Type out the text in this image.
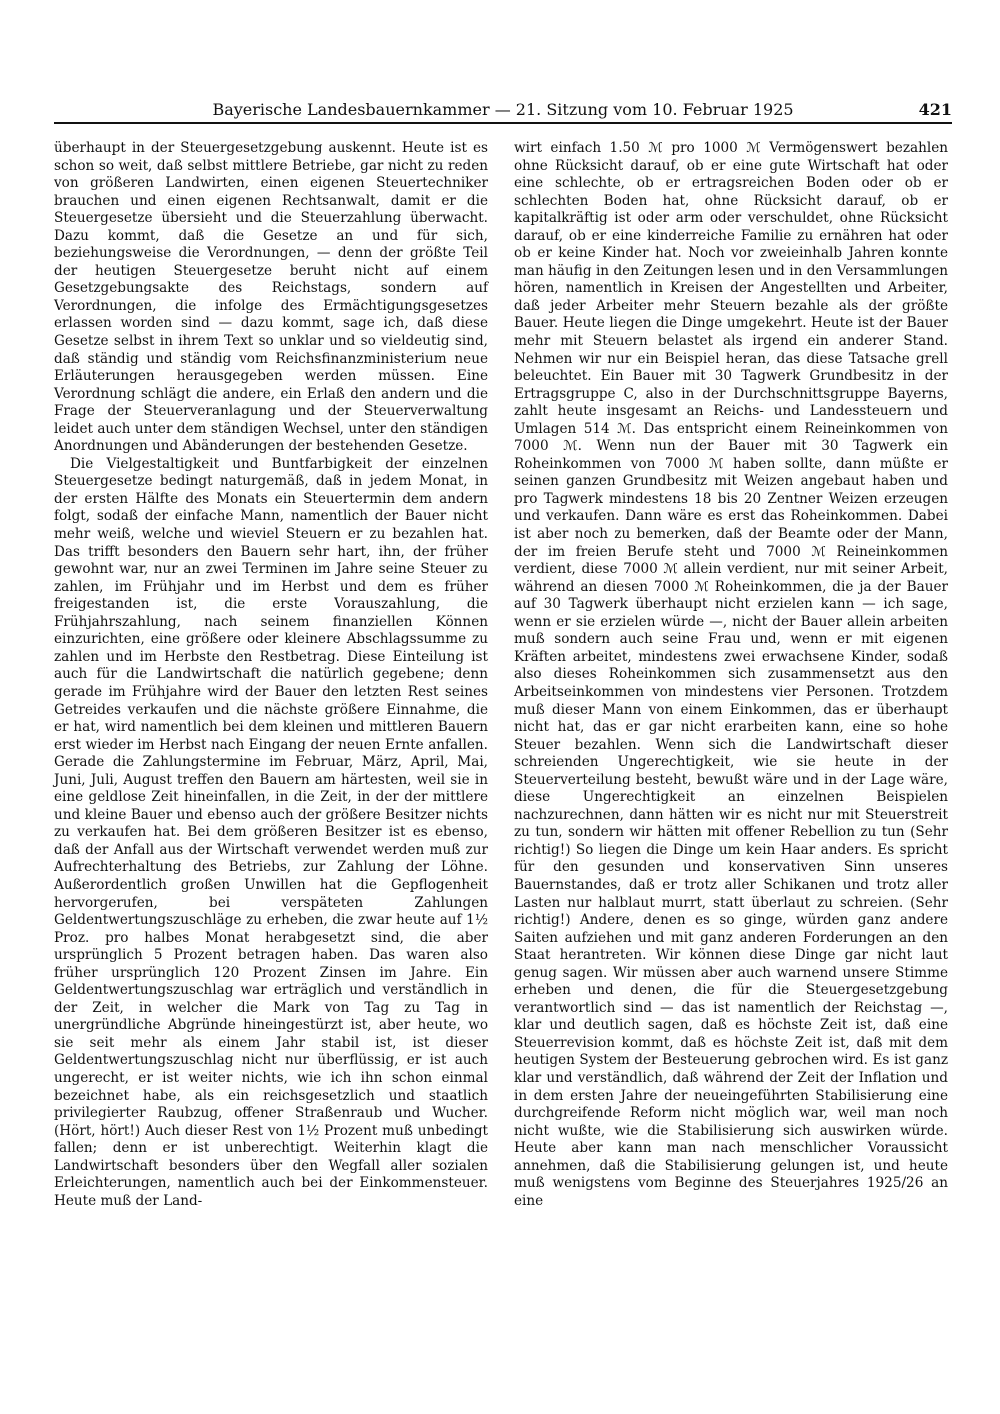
Bayerische Landesbauernkammer — 21. Sitzung vom 10. Februar 1925	421

überhaupt in der Steuergesetzgebung auskennt. Heute ist es schon so weit, daß selbst mittlere Betriebe, gar nicht zu reden von größeren Landwirten, einen eigenen Steuertechniker brauchen und einen eigenen Rechtsanwalt, damit er die Steuergesetze übersieht und die Steuerzahlung überwacht. Dazu kommt, daß die Gesetze an und für sich, beziehungsweise die Verordnungen, — denn der größte Teil der heutigen Steuergesetze beruht nicht auf einem Gesetzgebungsakte des Reichstags, sondern auf Verordnungen, die infolge des Ermächtigungsgesetzes erlassen worden sind — dazu kommt, sage ich, daß diese Gesetze selbst in ihrem Text so unklar und so vieldeutig sind, daß ständig und ständig vom Reichsfinanzministerium neue Erläuterungen herausgegeben werden müssen. Eine Verordnung schlägt die andere, ein Erlaß den andern und die Frage der Steuerveranlagung und der Steuerverwaltung leidet auch unter dem ständigen Wechsel, unter den ständigen Anordnungen und Abänderungen der bestehenden Gesetze.

Die Vielgestaltigkeit und Buntfarbigkeit der einzelnen Steuergesetze bedingt naturgemäß, daß in jedem Monat, in der ersten Hälfte des Monats ein Steuertermin dem andern folgt, sodaß der einfache Mann, namentlich der Bauer nicht mehr weiß, welche und wieviel Steuern er zu bezahlen hat. Das trifft besonders den Bauern sehr hart, ihn, der früher gewohnt war, nur an zwei Terminen im Jahre seine Steuer zu zahlen, im Frühjahr und im Herbst und dem es früher freigestanden ist, die erste Vorauszahlung, die Frühjahrszahlung, nach seinem finanziellen Können einzurichten, eine größere oder kleinere Abschlagssumme zu zahlen und im Herbste den Restbetrag. Diese Einteilung ist auch für die Landwirtschaft die natürlich gegebene; denn gerade im Frühjahre wird der Bauer den letzten Rest seines Getreides verkaufen und die nächste größere Einnahme, die er hat, wird namentlich bei dem kleinen und mittleren Bauern erst wieder im Herbst nach Eingang der neuen Ernte anfallen. Gerade die Zahlungstermine im Februar, März, April, Mai, Juni, Juli, August treffen den Bauern am härtesten, weil sie in eine geldlose Zeit hineinfallen, in die Zeit, in der der mittlere und kleine Bauer und ebenso auch der größere Besitzer nichts zu verkaufen hat. Bei dem größeren Besitzer ist es ebenso, daß der Anfall aus der Wirtschaft verwendet werden muß zur Aufrechterhaltung des Betriebs, zur Zahlung der Löhne. Außerordentlich großen Unwillen hat die Gepflogenheit hervorgerufen, bei verspäteten Zahlungen Geldentwertungszuschläge zu erheben, die zwar heute auf 1½ Proz. pro halbes Monat herabgesetzt sind, die aber ursprünglich 5 Prozent betragen haben. Das waren also früher ursprünglich 120 Prozent Zinsen im Jahre. Ein Geldentwertungszuschlag war erträglich und verständlich in der Zeit, in welcher die Mark von Tag zu Tag in unergründliche Abgründe hineingestürzt ist, aber heute, wo sie seit mehr als einem Jahr stabil ist, ist dieser Geldentwertungszuschlag nicht nur überflüssig, er ist auch ungerecht, er ist weiter nichts, wie ich ihn schon einmal bezeichnet habe, als ein reichsgesetzlich und staatlich privilegierter Raubzug, offener Straßenraub und Wucher. (Hört, hört!) Auch dieser Rest von 1½ Prozent muß unbedingt fallen; denn er ist unberechtigt. Weiterhin klagt die Landwirtschaft besonders über den Wegfall aller sozialen Erleichterungen, namentlich auch bei der Einkommensteuer. Heute muß der Land-

wirt einfach 1.50 ℳ pro 1000 ℳ Vermögenswert bezahlen ohne Rücksicht darauf, ob er eine gute Wirtschaft hat oder eine schlechte, ob er ertragsreichen Boden oder ob er schlechten Boden hat, ohne Rücksicht darauf, ob er kapitalkräftig ist oder arm oder verschuldet, ohne Rücksicht darauf, ob er eine kinderreiche Familie zu ernähren hat oder ob er keine Kinder hat. Noch vor zweieinhalb Jahren konnte man häufig in den Zeitungen lesen und in den Versammlungen hören, namentlich in Kreisen der Angestellten und Arbeiter, daß jeder Arbeiter mehr Steuern bezahle als der größte Bauer. Heute liegen die Dinge umgekehrt. Heute ist der Bauer mehr mit Steuern belastet als irgend ein anderer Stand. Nehmen wir nur ein Beispiel heran, das diese Tatsache grell beleuchtet. Ein Bauer mit 30 Tagwerk Grundbesitz in der Ertragsgruppe C, also in der Durchschnittsgruppe Bayerns, zahlt heute insgesamt an Reichs- und Landessteuern und Umlagen 514 ℳ. Das entspricht einem Reineinkommen von 7000 ℳ. Wenn nun der Bauer mit 30 Tagwerk ein Roheinkommen von 7000 ℳ haben sollte, dann müßte er seinen ganzen Grundbesitz mit Weizen angebaut haben und pro Tagwerk mindestens 18 bis 20 Zentner Weizen erzeugen und verkaufen. Dann wäre es erst das Roheinkommen. Dabei ist aber noch zu bemerken, daß der Beamte oder der Mann, der im freien Berufe steht und 7000 ℳ Reineinkommen verdient, diese 7000 ℳ allein verdient, nur mit seiner Arbeit, während an diesen 7000 ℳ Roheinkommen, die ja der Bauer auf 30 Tagwerk überhaupt nicht erzielen kann — ich sage, wenn er sie erzielen würde —, nicht der Bauer allein arbeiten muß sondern auch seine Frau und, wenn er mit eigenen Kräften arbeitet, mindestens zwei erwachsene Kinder, sodaß also dieses Roheinkommen sich zusammensetzt aus den Arbeitseinkommen von mindestens vier Personen. Trotzdem muß dieser Mann von einem Einkommen, das er überhaupt nicht hat, das er gar nicht erarbeiten kann, eine so hohe Steuer bezahlen. Wenn sich die Landwirtschaft dieser schreienden Ungerechtigkeit, wie sie heute in der Steuerverteilung besteht, bewußt wäre und in der Lage wäre, diese Ungerechtigkeit an einzelnen Beispielen nachzurechnen, dann hätten wir es nicht nur mit Steuerstreit zu tun, sondern wir hätten mit offener Rebellion zu tun (Sehr richtig!) So liegen die Dinge um kein Haar anders. Es spricht für den gesunden und konservativen Sinn unseres Bauernstandes, daß er trotz aller Schikanen und trotz aller Lasten nur halblaut murrt, statt überlaut zu schreien. (Sehr richtig!) Andere, denen es so ginge, würden ganz andere Saiten aufziehen und mit ganz anderen Forderungen an den Staat herantreten. Wir können diese Dinge gar nicht laut genug sagen. Wir müssen aber auch warnend unsere Stimme erheben und denen, die für die Steuergesetzgebung verantwortlich sind — das ist namentlich der Reichstag —, klar und deutlich sagen, daß es höchste Zeit ist, daß eine Steuerrevision kommt, daß es höchste Zeit ist, daß mit dem heutigen System der Besteuerung gebrochen wird. Es ist ganz klar und verständlich, daß während der Zeit der Inflation und in dem ersten Jahre der neueingeführten Stabilisierung eine durchgreifende Reform nicht möglich war, weil man noch nicht wußte, wie die Stabilisierung sich auswirken würde. Heute aber kann man nach menschlicher Voraussicht annehmen, daß die Stabilisierung gelungen ist, und heute muß wenigstens vom Beginne des Steuerjahres 1925/26 an eine
